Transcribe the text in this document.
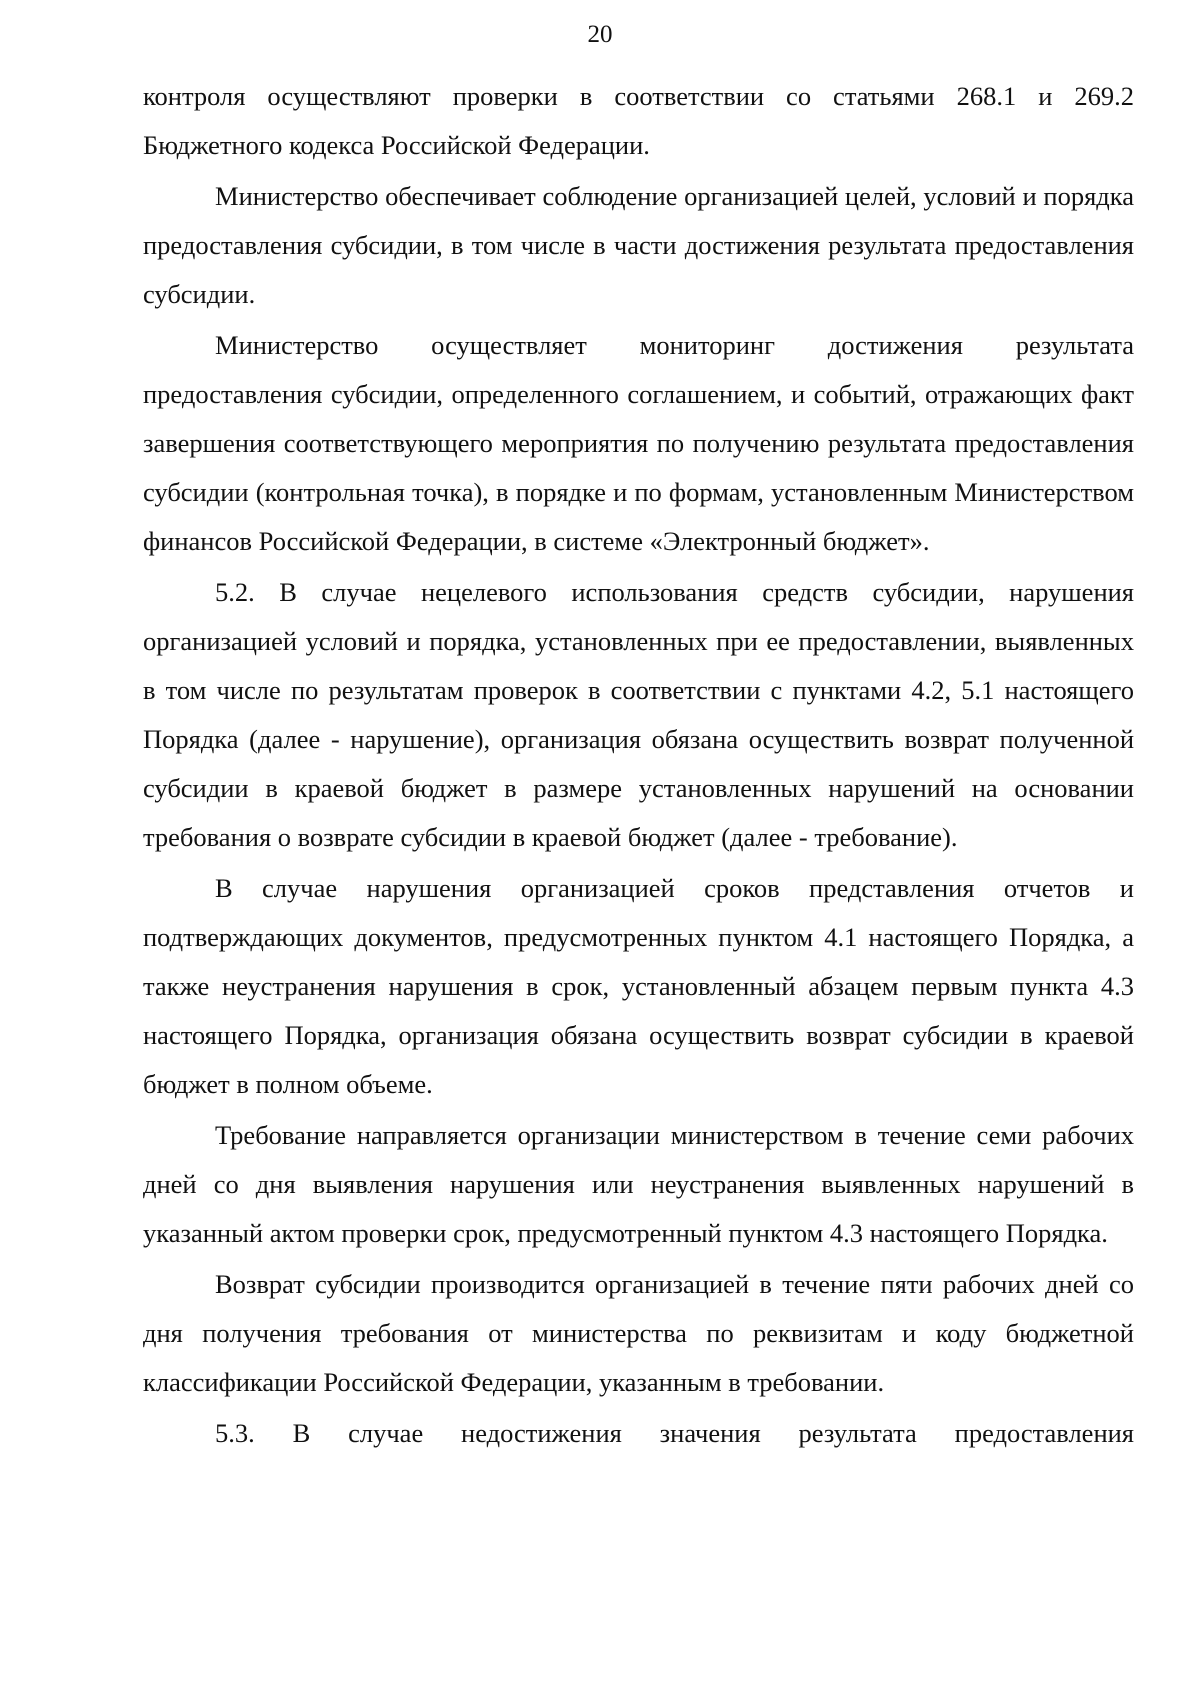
20

контроля осуществляют проверки в соответствии со статьями 268.1 и 269.2 Бюджетного кодекса Российской Федерации.

Министерство обеспечивает соблюдение организацией целей, условий и порядка предоставления субсидии, в том числе в части достижения результата предоставления субсидии.

Министерство осуществляет мониторинг достижения результата предоставления субсидии, определенного соглашением, и событий, отражающих факт завершения соответствующего мероприятия по получению результата предоставления субсидии (контрольная точка), в порядке и по формам, установленным Министерством финансов Российской Федерации, в системе «Электронный бюджет».

5.2. В случае нецелевого использования средств субсидии, нарушения организацией условий и порядка, установленных при ее предоставлении, выявленных в том числе по результатам проверок в соответствии с пунктами 4.2, 5.1 настоящего Порядка (далее - нарушение), организация обязана осуществить возврат полученной субсидии в краевой бюджет в размере установленных нарушений на основании требования о возврате субсидии в краевой бюджет (далее - требование).

В случае нарушения организацией сроков представления отчетов и подтверждающих документов, предусмотренных пунктом 4.1 настоящего Порядка, а также неустранения нарушения в срок, установленный абзацем первым пункта 4.3 настоящего Порядка, организация обязана осуществить возврат субсидии в краевой бюджет в полном объеме.

Требование направляется организации министерством в течение семи рабочих дней со дня выявления нарушения или неустранения выявленных нарушений в указанный актом проверки срок, предусмотренный пунктом 4.3 настоящего Порядка.

Возврат субсидии производится организацией в течение пяти рабочих дней со дня получения требования от министерства по реквизитам и коду бюджетной классификации Российской Федерации, указанным в требовании.

5.3. В случае недостижения значения результата предоставления
